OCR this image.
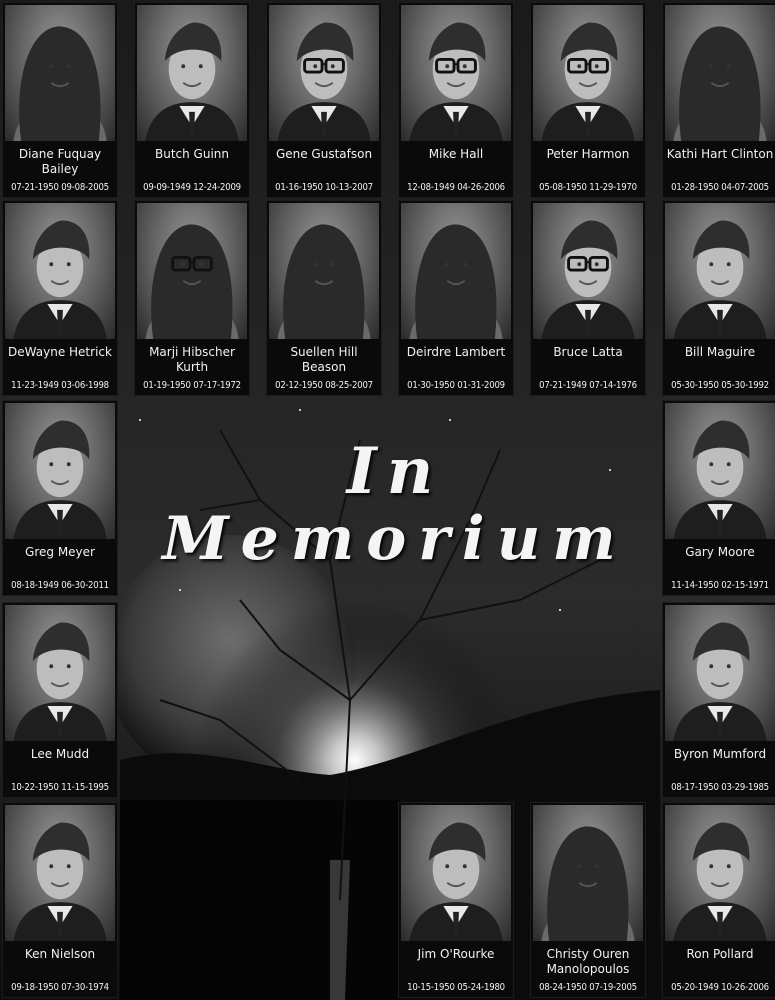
Diane Fuquay Bailey
07-21-1950 09-08-2005
Butch Guinn
09-09-1949 12-24-2009
Gene Gustafson
01-16-1950 10-13-2007
Mike Hall
12-08-1949 04-26-2006
Peter Harmon
05-08-1950 11-29-1970
Kathi Hart Clinton
01-28-1950 04-07-2005
DeWayne Hetrick
11-23-1949 03-06-1998
Marji Hibscher Kurth
01-19-1950 07-17-1972
Suellen Hill Beason
02-12-1950 08-25-2007
Deirdre Lambert
01-30-1950 01-31-2009
Bruce Latta
07-21-1949 07-14-1976
Bill Maguire
05-30-1950 05-30-1992
Greg Meyer
08-18-1949 06-30-2011
Gary Moore
11-14-1950 02-15-1971
Lee Mudd
10-22-1950 11-15-1995
Byron Mumford
08-17-1950 03-29-1985
Ken Nielson
09-18-1950 07-30-1974
Jim O'Rourke
10-15-1950 05-24-1980
Christy Ouren Manolopoulos
08-24-1950 07-19-2005
Ron Pollard
05-20-1949 10-26-2006
In
Memorium
